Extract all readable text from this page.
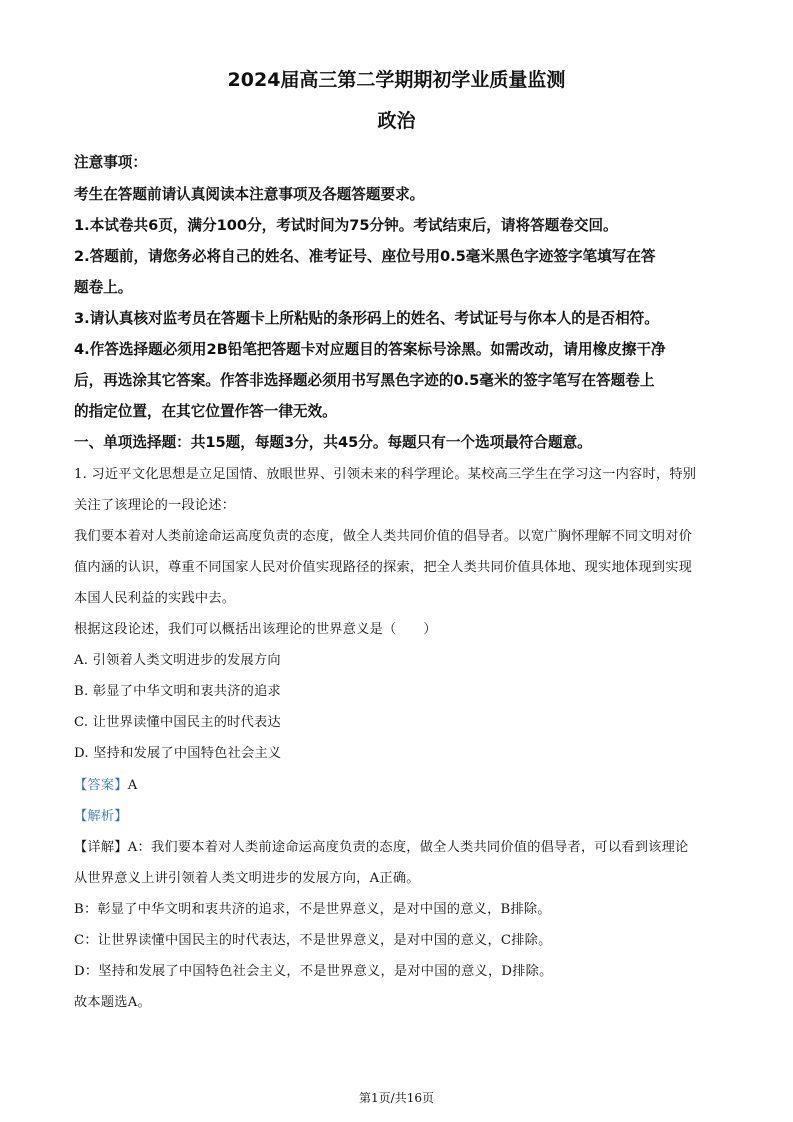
2024届高三第二学期期初学业质量监测
政治
注意事项：
考生在答题前请认真阅读本注意事项及各题答题要求。
1.本试卷共6页，满分100分，考试时间为75分钟。考试结束后，请将答题卷交回。
2.答题前，请您务必将自己的姓名、准考证号、座位号用0.5毫米黑色字迹签字笔填写在答
题卷上。
3.请认真核对监考员在答题卡上所粘贴的条形码上的姓名、考试证号与你本人的是否相符。
4.作答选择题必须用2B铅笔把答题卡对应题目的答案标号涂黑。如需改动，请用橡皮擦干净
后，再选涂其它答案。作答非选择题必须用书写黑色字迹的0.5毫米的签字笔写在答题卷上
的指定位置，在其它位置作答一律无效。
一、单项选择题：共15题，每题3分，共45分。每题只有一个选项最符合题意。
1. 习近平文化思想是立足国情、放眼世界、引领未来的科学理论。某校高三学生在学习这一内容时，特别
关注了该理论的一段论述：
我们要本着对人类前途命运高度负责的态度，做全人类共同价值的倡导者。以宽广胸怀理解不同文明对价
值内涵的认识，尊重不同国家人民对价值实现路径的探索，把全人类共同价值具体地、现实地体现到实现
本国人民利益的实践中去。
根据这段论述，我们可以概括出该理论的世界意义是（　　）
A. 引领着人类文明进步的发展方向
B. 彰显了中华文明和衷共济的追求
C. 让世界读懂中国民主的时代表达
D. 坚持和发展了中国特色社会主义
【答案】A
【解析】
【详解】A：我们要本着对人类前途命运高度负责的态度，做全人类共同价值的倡导者，可以看到该理论
从世界意义上讲引领着人类文明进步的发展方向，A正确。
B：彰显了中华文明和衷共济的追求，不是世界意义，是对中国的意义，B排除。
C：让世界读懂中国民主的时代表达，不是世界意义，是对中国的意义，C排除。
D：坚持和发展了中国特色社会主义，不是世界意义，是对中国的意义，D排除。
故本题选A。
第1页/共16页
